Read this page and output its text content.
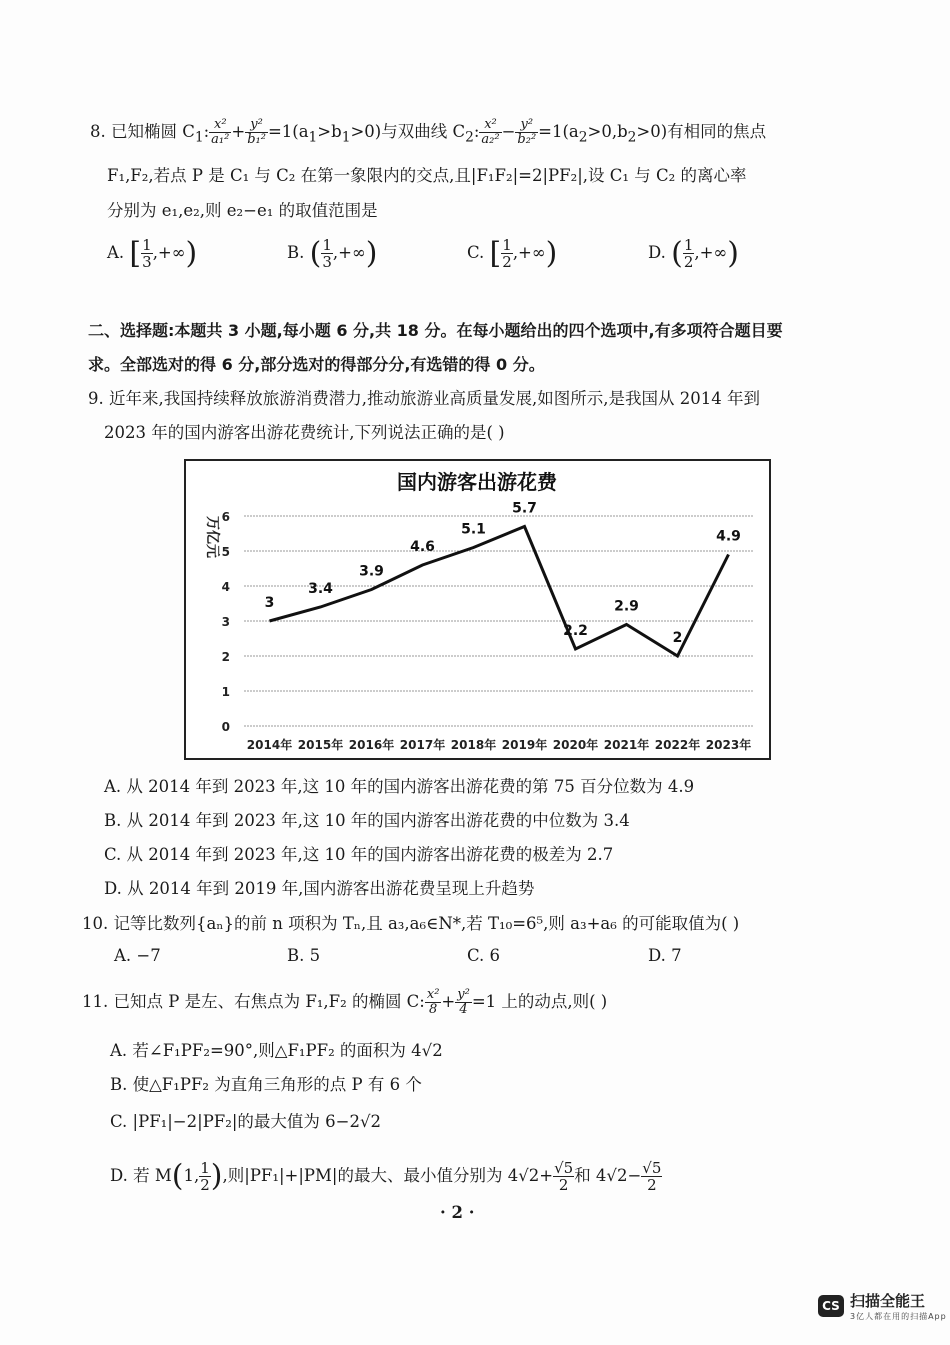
8. 已知椭圆 $C_1$: $\frac{\text{x²}}{\text{a₁²}} + \frac{\text{y²}}{\text{b₁²}} =1(a_1>b_1>0)$与双曲线 $C_2$: $\frac{\text{x²}}{\text{a₂²}} - \frac{\text{y²}}{\text{b₂²}} =1(a_2>0,b_2>0)$有相同的焦点
F₁,F₂,若点 P 是 C₁ 与 C₂ 在第一象限内的交点,且|F₁F₂|=2|PF₂|,设 C₁ 与 C₂ 的离心率
分别为 e₁,e₂,则 e₂−e₁ 的取值范围是
A. [ $\frac{1}{3}$ ,+∞)	B. ( $\frac{1}{3}$ ,+∞)	C. [ $\frac{1}{2}$ ,+∞)	D. ( $\frac{1}{2}$ ,+∞)
二、选择题:本题共 3 小题,每小题 6 分,共 18 分。在每小题给出的四个选项中,有多项符合题目要
求。全部选对的得 6 分,部分选对的得部分分,有选错的得 0 分。
9. 近年来,我国持续释放旅游消费潜力,推动旅游业高质量发展,如图所示,是我国从 2014 年到
2023 年的国内游客出游花费统计,下列说法正确的是( )
国内游客出游花费
万亿元
0
1
2
3
4
5
6
2014年 2015年 2016年 2017年 2018年 2019年 2020年 2021年 2022年 2023年
3
3.4
3.9
4.6
5.1
5.7
2.2
2.9
2
4.9
A. 从 2014 年到 2023 年,这 10 年的国内游客出游花费的第 75 百分位数为 4.9
B. 从 2014 年到 2023 年,这 10 年的国内游客出游花费的中位数为 3.4
C. 从 2014 年到 2023 年,这 10 年的国内游客出游花费的极差为 2.7
D. 从 2014 年到 2019 年,国内游客出游花费呈现上升趋势
10. 记等比数列{aₙ}的前 n 项积为 Tₙ,且 a₃,a₆∈N*,若 T₁₀=6⁵,则 a₃+a₆ 的可能取值为( )
A. −7	B. 5	C. 6	D. 7
11. 已知点 P 是左、右焦点为 F₁,F₂ 的椭圆 C: $\frac{\text{x²}}{8} + \frac{\text{y²}}{4} =1$ 上的动点,则( )
A. 若∠F₁PF₂=90°,则△F₁PF₂ 的面积为 4√2
B. 使△F₁PF₂ 为直角三角形的点 P 有 6 个
C. |PF₁|−2|PF₂|的最大值为 6−2√2
D. 若 M(1, $\frac{1}{2}$ ),则|PF₁|+|PM|的最大、最小值分别为 $4√2+ \frac{√5}{2}$ 和 $4√2- \frac{√5}{2}$
· 2 ·
CS 扫描全能王
3亿人都在用的扫描App
